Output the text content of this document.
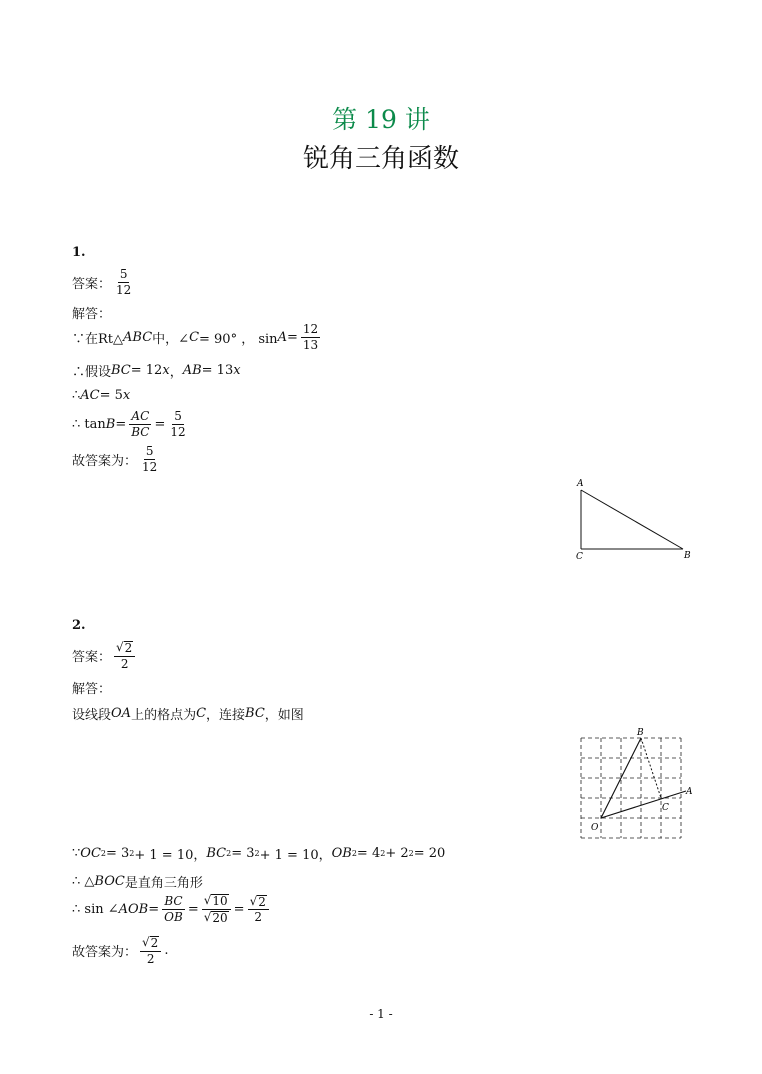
第 19 讲
锐角三角函数
1.
答案： $\frac{5}{12}$
解答：
∵在Rt△ ABC 中，∠ C = 90° ， $\sin A = \frac{12}{13}$
∴假设 BC = 12 x ， AB = 13 x
∴ AC = 5 x
∴ $\tan B = \frac{AC}{BC} = \frac{5}{12}$
故答案为： $\frac{5}{12}$
A
C	B
2.
答案： $\frac{√ 2}{2}$
解答：
设线段 OA 上的格点为 C ，连接 BC ，如图
B
A
C
O
∵ OC 2 = 3 2 + 1 = 10， BC 2 = 3 2 + 1 = 10， OB 2 = 4 2 + 2 2 = 20
∴ △ BOC 是直角三角形
∴ sin ∠ AOB = $\frac{BC}{OB} = \frac{√ 10}{√ 20} = \frac{√ 2}{2}$
故答案为： $\frac{√ 2}{2}$ .
- 1 -
